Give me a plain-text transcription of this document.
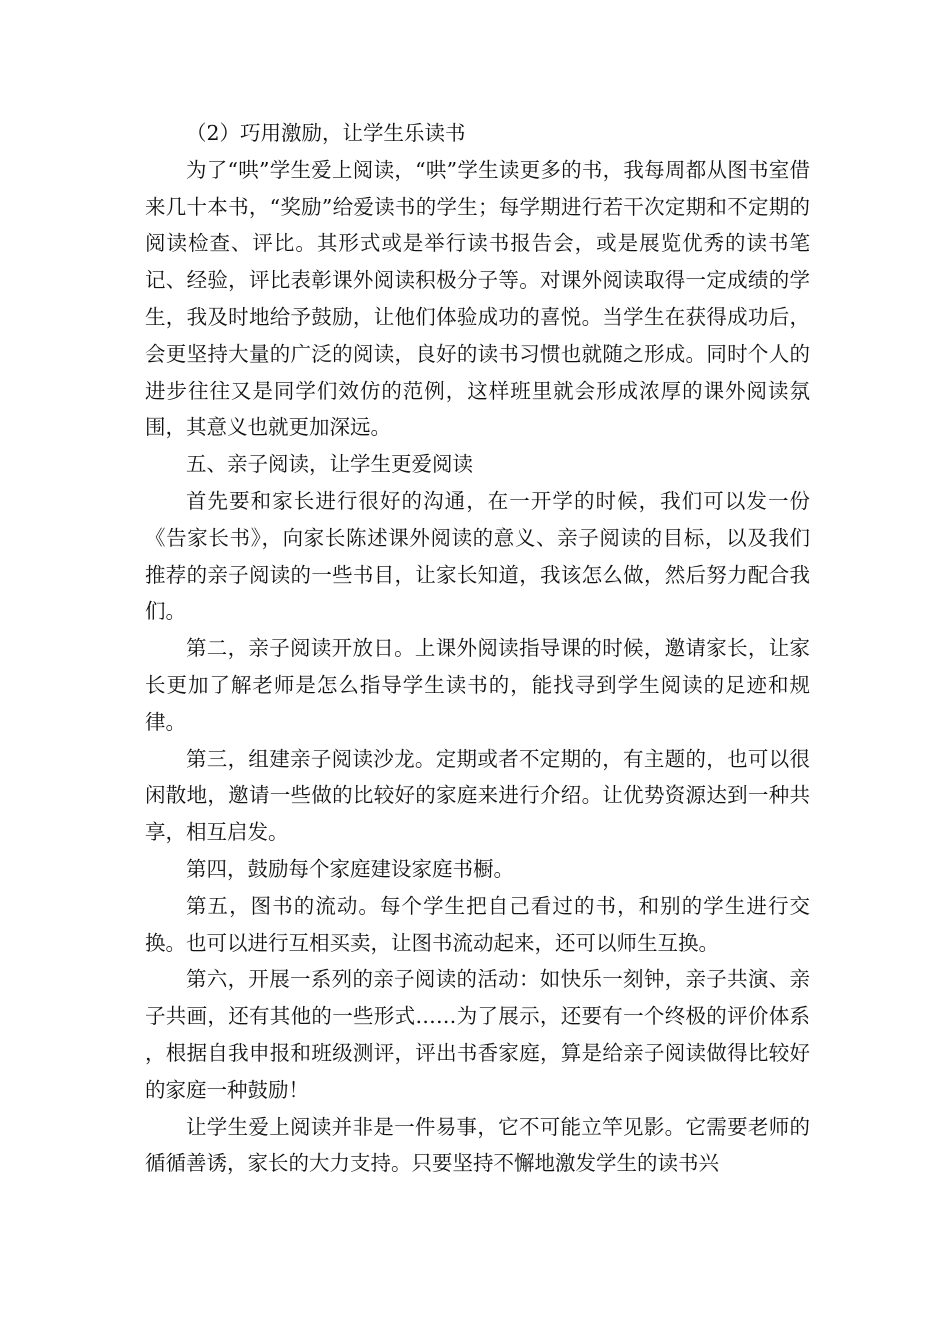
（2）巧用激励，让学生乐读书

为了“哄”学生爱上阅读，“哄”学生读更多的书，我每周都从图书室借来几十本书，“奖励”给爱读书的学生；每学期进行若干次定期和不定期的阅读检查、评比。其形式或是举行读书报告会，或是展览优秀的读书笔记、经验，评比表彰课外阅读积极分子等。对课外阅读取得一定成绩的学生，我及时地给予鼓励，让他们体验成功的喜悦。当学生在获得成功后，会更坚持大量的广泛的阅读，良好的读书习惯也就随之形成。同时个人的进步往往又是同学们效仿的范例，这样班里就会形成浓厚的课外阅读氛围，其意义也就更加深远。

五、亲子阅读，让学生更爱阅读

首先要和家长进行很好的沟通，在一开学的时候，我们可以发一份《告家长书》，向家长陈述课外阅读的意义、亲子阅读的目标，以及我们推荐的亲子阅读的一些书目，让家长知道，我该怎么做，然后努力配合我们。

第二，亲子阅读开放日。上课外阅读指导课的时候，邀请家长，让家长更加了解老师是怎么指导学生读书的，能找寻到学生阅读的足迹和规律。

第三，组建亲子阅读沙龙。定期或者不定期的，有主题的，也可以很闲散地，邀请一些做的比较好的家庭来进行介绍。让优势资源达到一种共享，相互启发。

第四，鼓励每个家庭建设家庭书橱。

第五，图书的流动。每个学生把自己看过的书，和别的学生进行交换。也可以进行互相买卖，让图书流动起来，还可以师生互换。

第六，开展一系列的亲子阅读的活动：如快乐一刻钟，亲子共演、亲子共画，还有其他的一些形式……为了展示，还要有一个终极的评价体系 ，根据自我申报和班级测评，评出书香家庭，算是给亲子阅读做得比较好的家庭一种鼓励！

让学生爱上阅读并非是一件易事，它不可能立竿见影。它需要老师的循循善诱，家长的大力支持。只要坚持不懈地激发学生的读书兴
